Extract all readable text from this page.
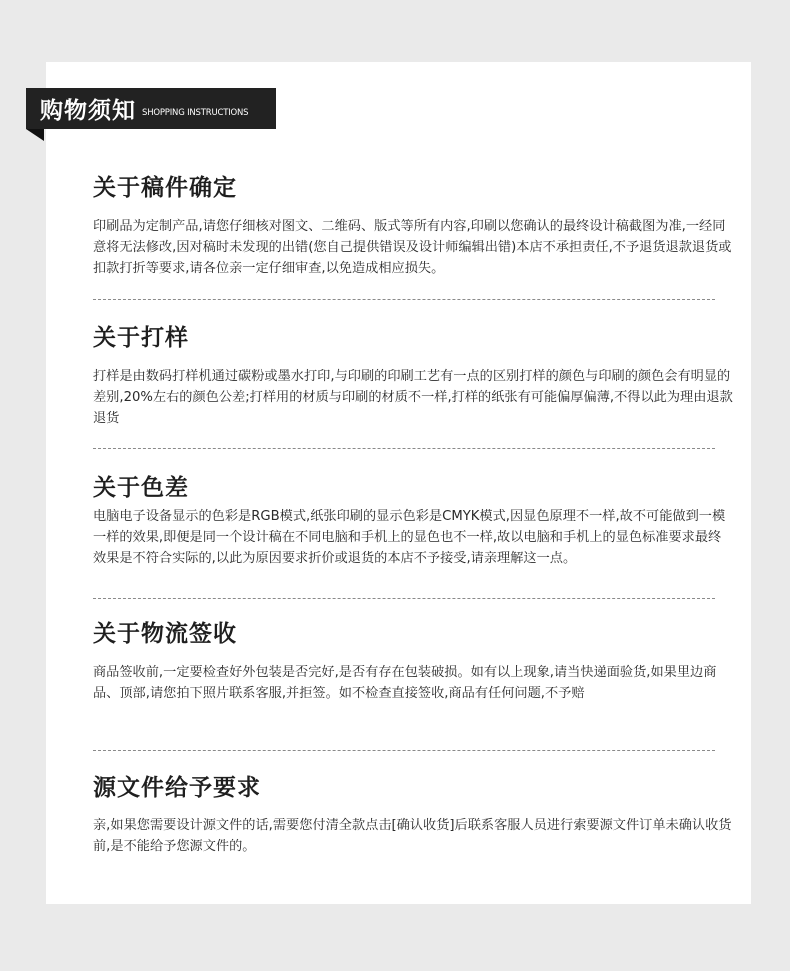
购物须知 SHOPPING INSTRUCTIONS
关于稿件确定

印刷品为定制产品,请您仔细核对图文、二维码、版式等所有内容,印刷以您确认的最终设计稿截图为准,一经同意将无法修改,因对稿时未发现的出错(您自己提供错误及设计师编辑出错)本店不承担责任,不予退货退款退货或扣款打折等要求,请各位亲一定仔细审查,以免造成相应损失。

关于打样

打样是由数码打样机通过碳粉或墨水打印,与印刷的印刷工艺有一点的区别打样的颜色与印刷的颜色会有明显的差别,20%左右的颜色公差;打样用的材质与印刷的材质不一样,打样的纸张有可能偏厚偏薄,不得以此为理由退款退货

关于色差

电脑电子设备显示的色彩是RGB模式,纸张印刷的显示色彩是CMYK模式,因显色原理不一样,故不可能做到一模一样的效果,即便是同一个设计稿在不同电脑和手机上的显色也不一样,故以电脑和手机上的显色标准要求最终效果是不符合实际的,以此为原因要求折价或退货的本店不予接受,请亲理解这一点。

关于物流签收

商品签收前,一定要检查好外包装是否完好,是否有存在包装破损。如有以上现象,请当快递面验货,如果里边商品、顶部,请您拍下照片联系客服,并拒签。如不检查直接签收,商品有任何问题,不予赔

源文件给予要求

亲,如果您需要设计源文件的话,需要您付清全款点击[确认收货]后联系客服人员进行索要源文件订单未确认收货前,是不能给予您源文件的。
